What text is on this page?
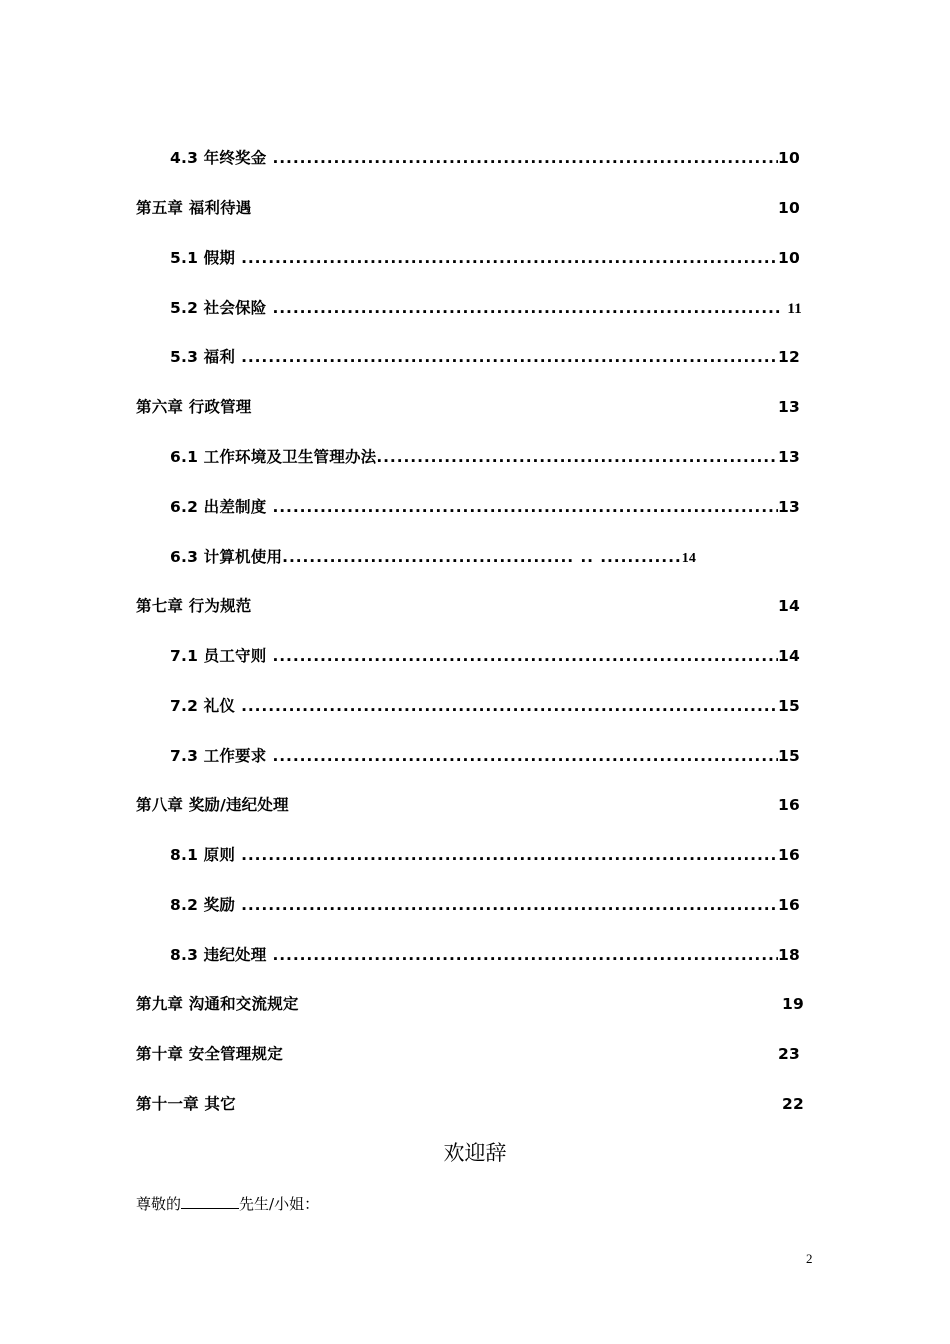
4.3 年终奖金 .....	10
第五章 福利待遇	10
5.1 假期 .....	10
5.2 社会保险 .....	11
5.3 福利 .....	12
第六章 行政管理	13
6.1 工作环境及卫生管理办法 .....	13
6.2 出差制度 .....	13
6.3 计算机使用 ........................................... .. ............ 14
第七章 行为规范	14
7.1 员工守则 .....	14
7.2 礼仪 .....	15
7.3 工作要求 .....	15
第八章 奖励/违纪处理	16
8.1 原则 .....	16
8.2 奖励 .....	16
8.3 违纪处理 .....	18
第九章 沟通和交流规定	19
第十章 安全管理规定	23
第十一章 其它	22
欢迎辞
尊敬的	先生/小姐：
2
